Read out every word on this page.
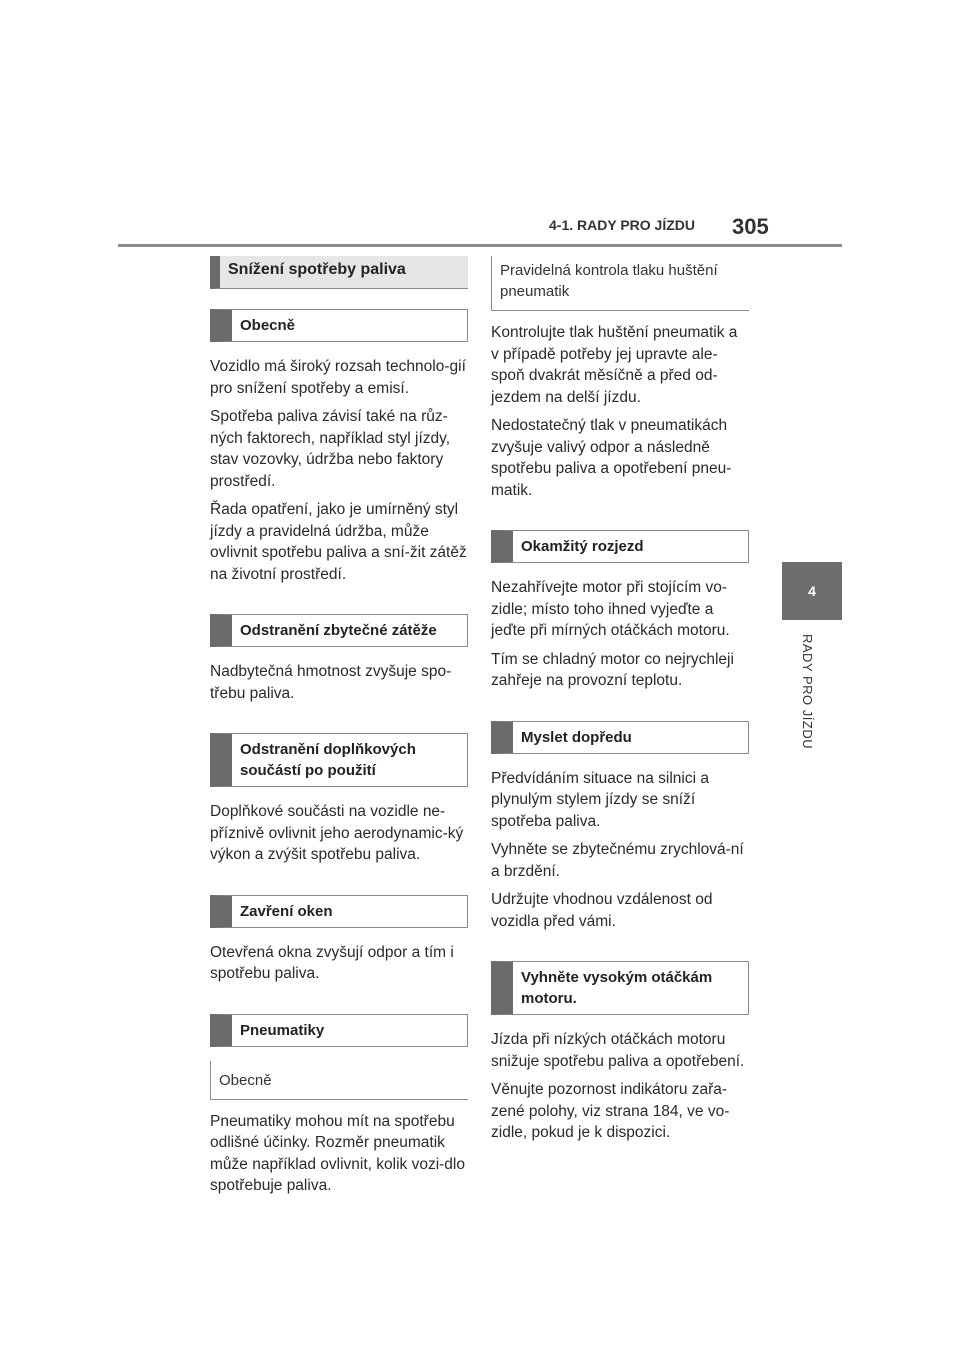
4-1. RADY PRO JÍZDU 305
4
RADY PRO JÍZDU
Snížení spotřeby paliva
Obecně

Vozidlo má široký rozsah technolo-gií pro snížení spotřeby a emisí.

Spotřeba paliva závisí také na růz-ných faktorech, například styl jízdy, stav vozovky, údržba nebo faktory prostředí.

Řada opatření, jako je umírněný styl jízdy a pravidelná údržba, může ovlivnit spotřebu paliva a sní-žit zátěž na životní prostředí.

Odstranění zbytečné zátěže

Nadbytečná hmotnost zvyšuje spo-třebu paliva.

Odstranění doplňkových součástí po použití

Doplňkové součásti na vozidle ne-příznivě ovlivnit jeho aerodynamic-ký výkon a zvýšit spotřebu paliva.

Zavření oken

Otevřená okna zvyšují odpor a tím i spotřebu paliva.

Pneumatiky
Obecně

Pneumatiky mohou mít na spotřebu odlišné účinky. Rozměr pneumatik může například ovlivnit, kolik vozi-dlo spotřebuje paliva.

Pravidelná kontrola tlaku huštění pneumatik

Kontrolujte tlak huštění pneumatik a v případě potřeby jej upravte ale-spoň dvakrát měsíčně a před od-jezdem na delší jízdu.

Nedostatečný tlak v pneumatikách zvyšuje valivý odpor a následně spotřebu paliva a opotřebení pneu-matik.

Okamžitý rozjezd

Nezahřívejte motor při stojícím vo-zidle; místo toho ihned vyjeďte a jeďte při mírných otáčkách motoru.

Tím se chladný motor co nejrychleji zahřeje na provozní teplotu.

Myslet dopředu

Předvídáním situace na silnici a plynulým stylem jízdy se sníží spotřeba paliva.

Vyhněte se zbytečnému zrychlová-ní a brzdění.

Udržujte vhodnou vzdálenost od vozidla před vámi.

Vyhněte vysokým otáčkám motoru.

Jízda při nízkých otáčkách motoru snižuje spotřebu paliva a opotřebení.

Věnujte pozornost indikátoru zařa-zené polohy, viz strana 184, ve vo-zidle, pokud je k dispozici.
